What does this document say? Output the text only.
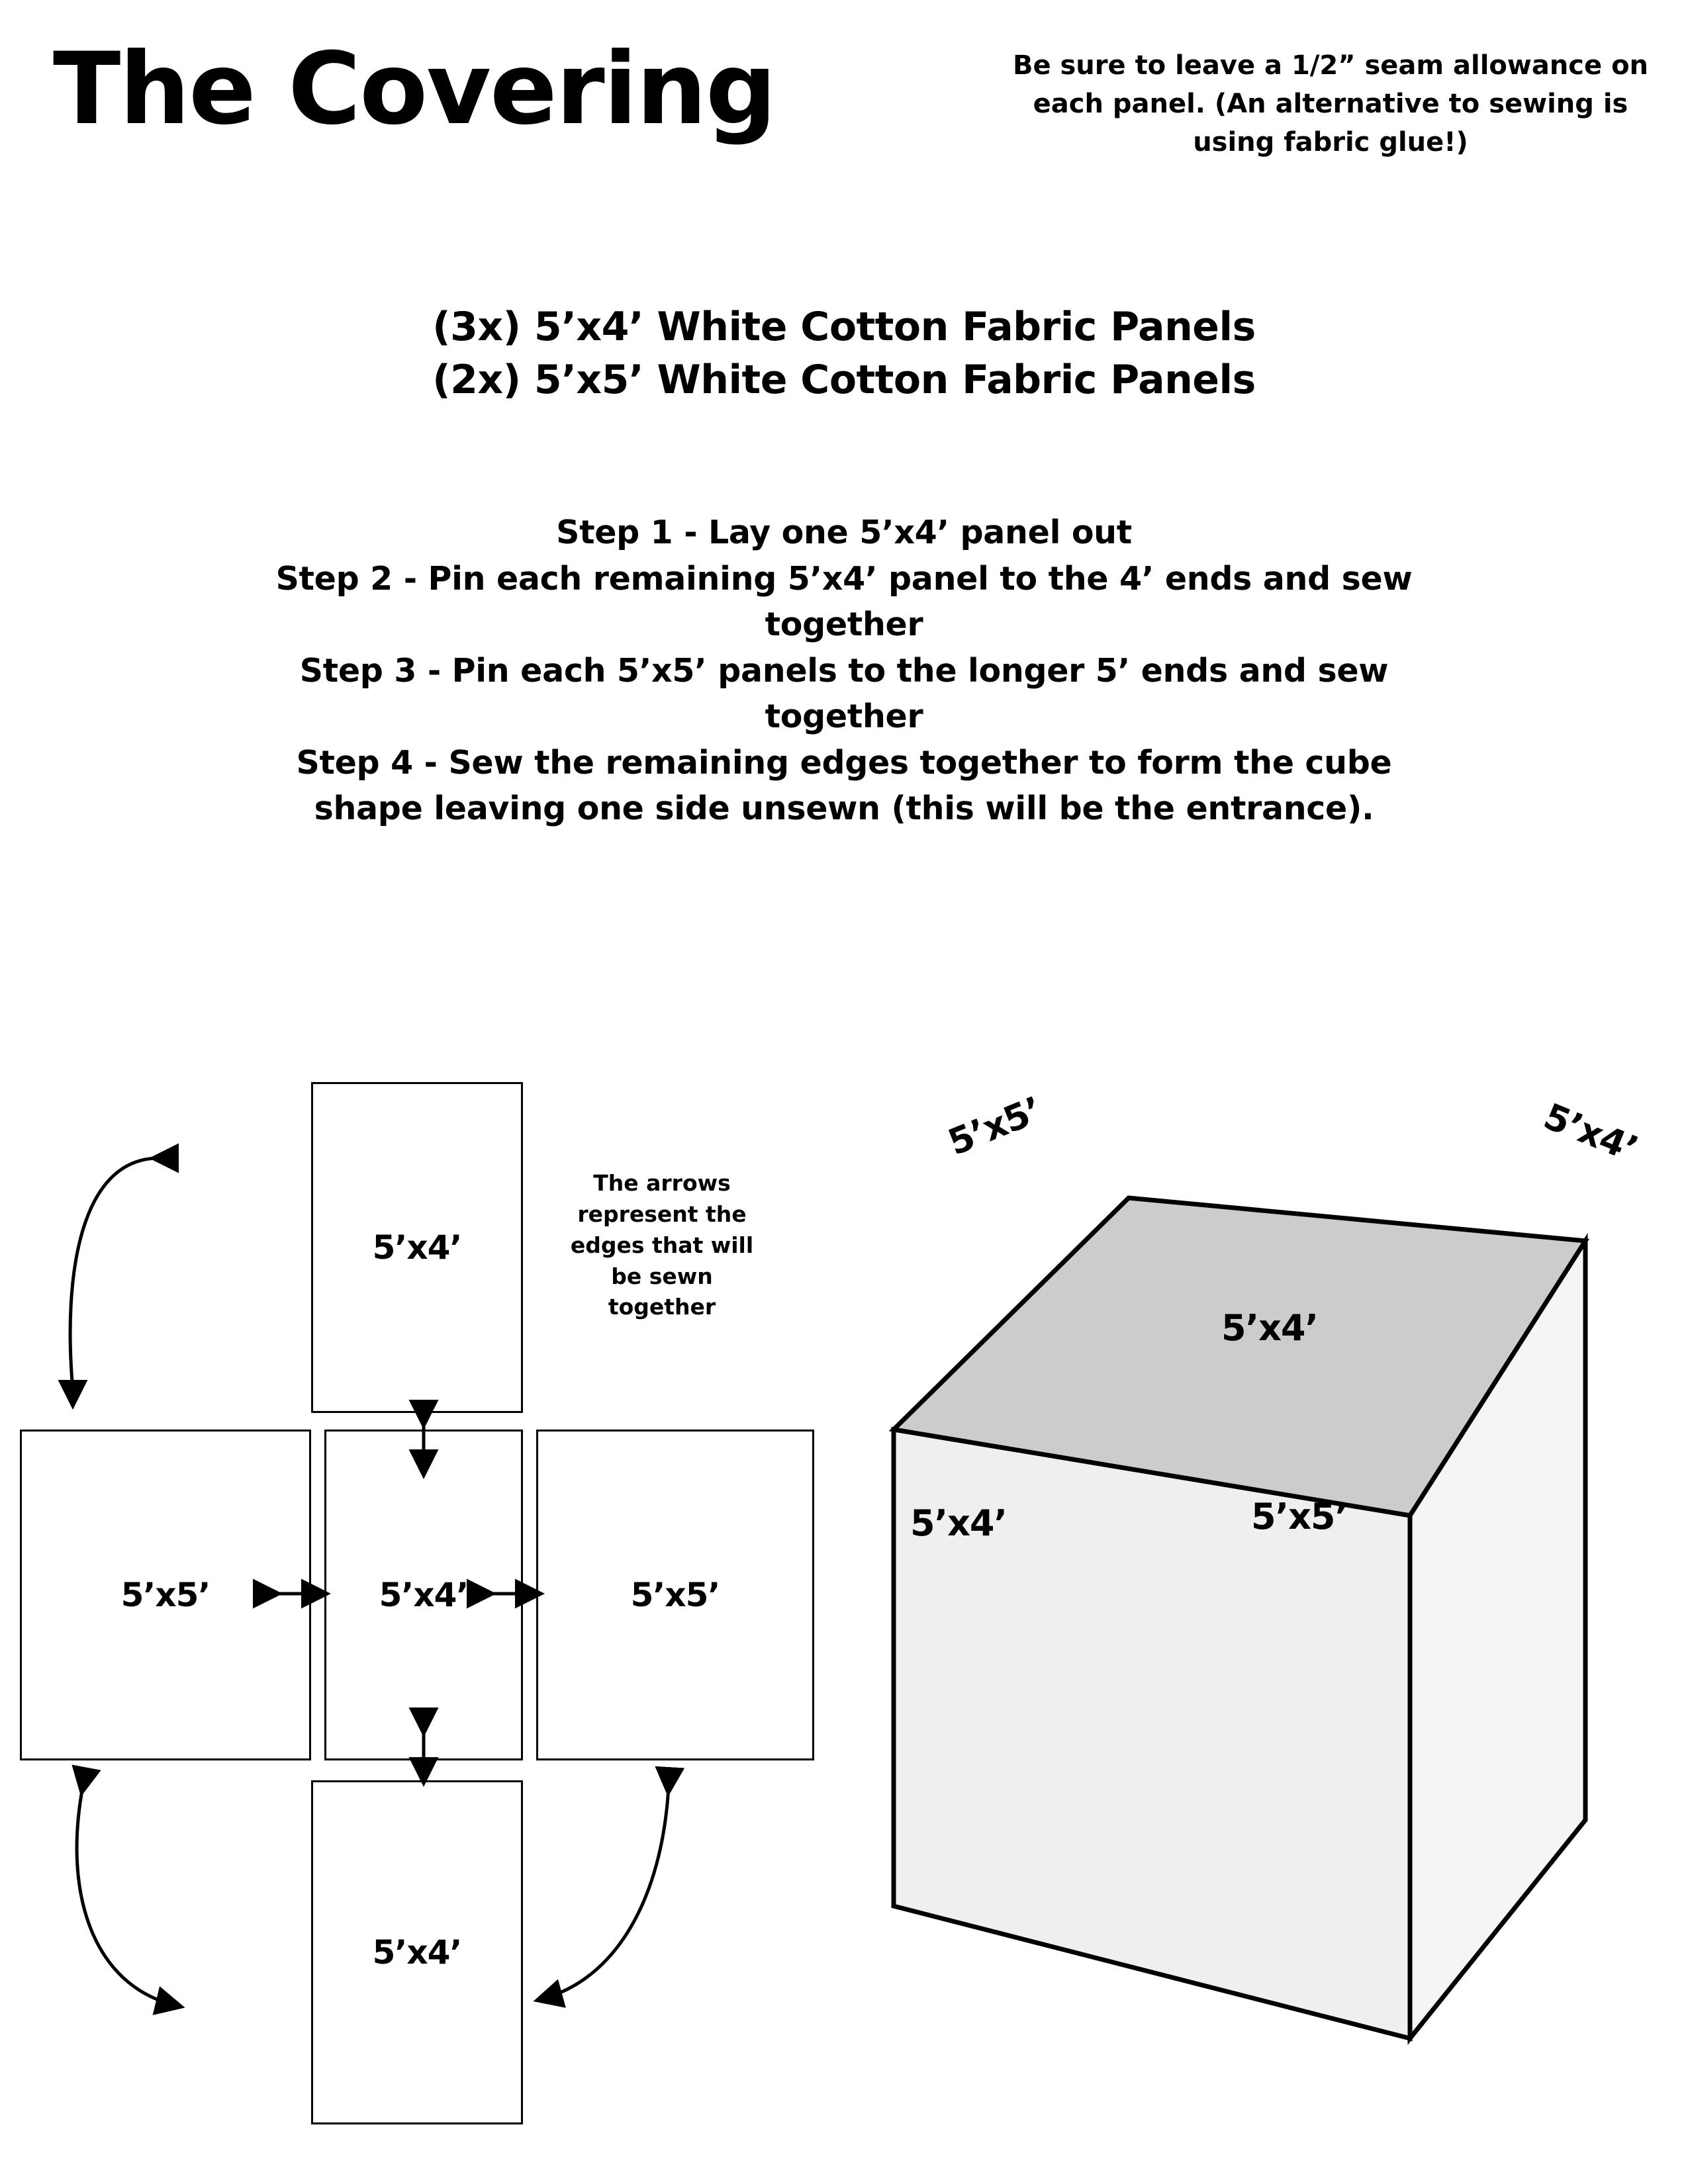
The Covering	Be sure to leave a 1/2” seam allowance on each panel. (An alternative to sewing is using fabric glue!)
(3x) 5’x4’ White Cotton Fabric Panels
(2x) 5’x5’ White Cotton Fabric Panels
Step 1 - Lay one 5’x4’ panel out
Step 2 - Pin each remaining 5’x4’ panel to the 4’ ends and sew together
Step 3 - Pin each 5’x5’ panels to the longer 5’ ends and sew together
Step 4 - Sew the remaining edges together to form the cube shape leaving one side unsewn (this will be the entrance).
5’x4’
5’x5’	5’x4’	5’x5’
5’x4’
The arrows represent the edges that will be sewn together
5’x4’
5’x5’
5’x4’
5’x5’	5’x4’
